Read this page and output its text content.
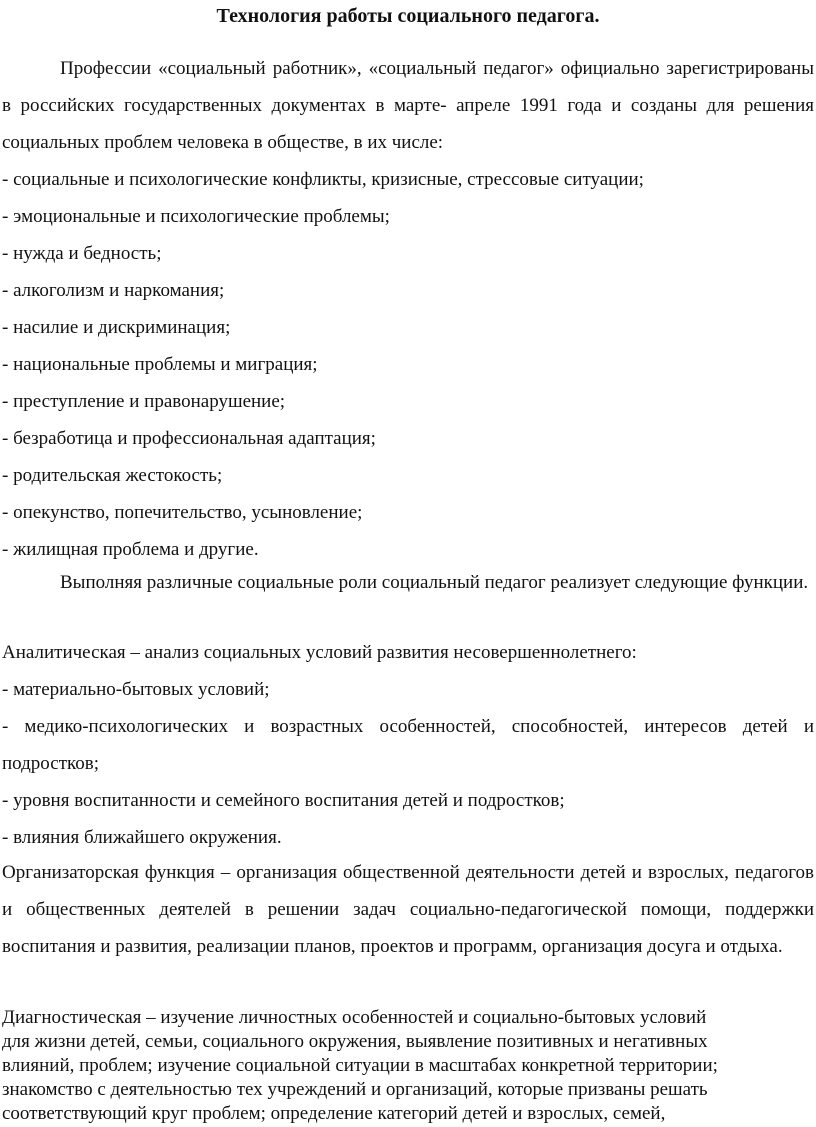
Технология работы социального педагога.

Профессии «социальный работник», «социальный педагог» официально зарегистрированы в российских государственных документах в марте- апреле 1991 года и созданы для решения социальных проблем человека в обществе, в их числе:

- социальные и психологические конфликты, кризисные, стрессовые ситуации;
- эмоциональные и психологические проблемы;
- нужда и бедность;
- алкоголизм и наркомания;
- насилие и дискриминация;
- национальные проблемы и миграция;
- преступление и правонарушение;
- безработица и профессиональная адаптация;
- родительская жестокость;
- опекунство, попечительство, усыновление;
- жилищная проблема и другие.

Выполняя различные социальные роли социальный педагог реализует следующие функции.

Аналитическая – анализ социальных условий развития несовершеннолетнего:
- материально-бытовых условий;

- медико-психологических и возрастных особенностей, способностей, интересов детей и подростков;

- уровня воспитанности и семейного воспитания детей и подростков;
- влияния ближайшего окружения.

Организаторская функция – организация общественной деятельности детей и взрослых, педагогов и общественных деятелей в решении задач социально-педагогической помощи, поддержки воспитания и развития, реализации планов, проектов и программ, организация досуга и отдыха.

Диагностическая – изучение личностных особенностей и социально-бытовых условий
для жизни детей, семьи, социального окружения, выявление позитивных и негативных
влияний, проблем; изучение социальной ситуации в масштабах конкретной территории;
знакомство с деятельностью тех учреждений и организаций, которые призваны решать
соответствующий круг проблем; определение категорий детей и взрослых, семей,
